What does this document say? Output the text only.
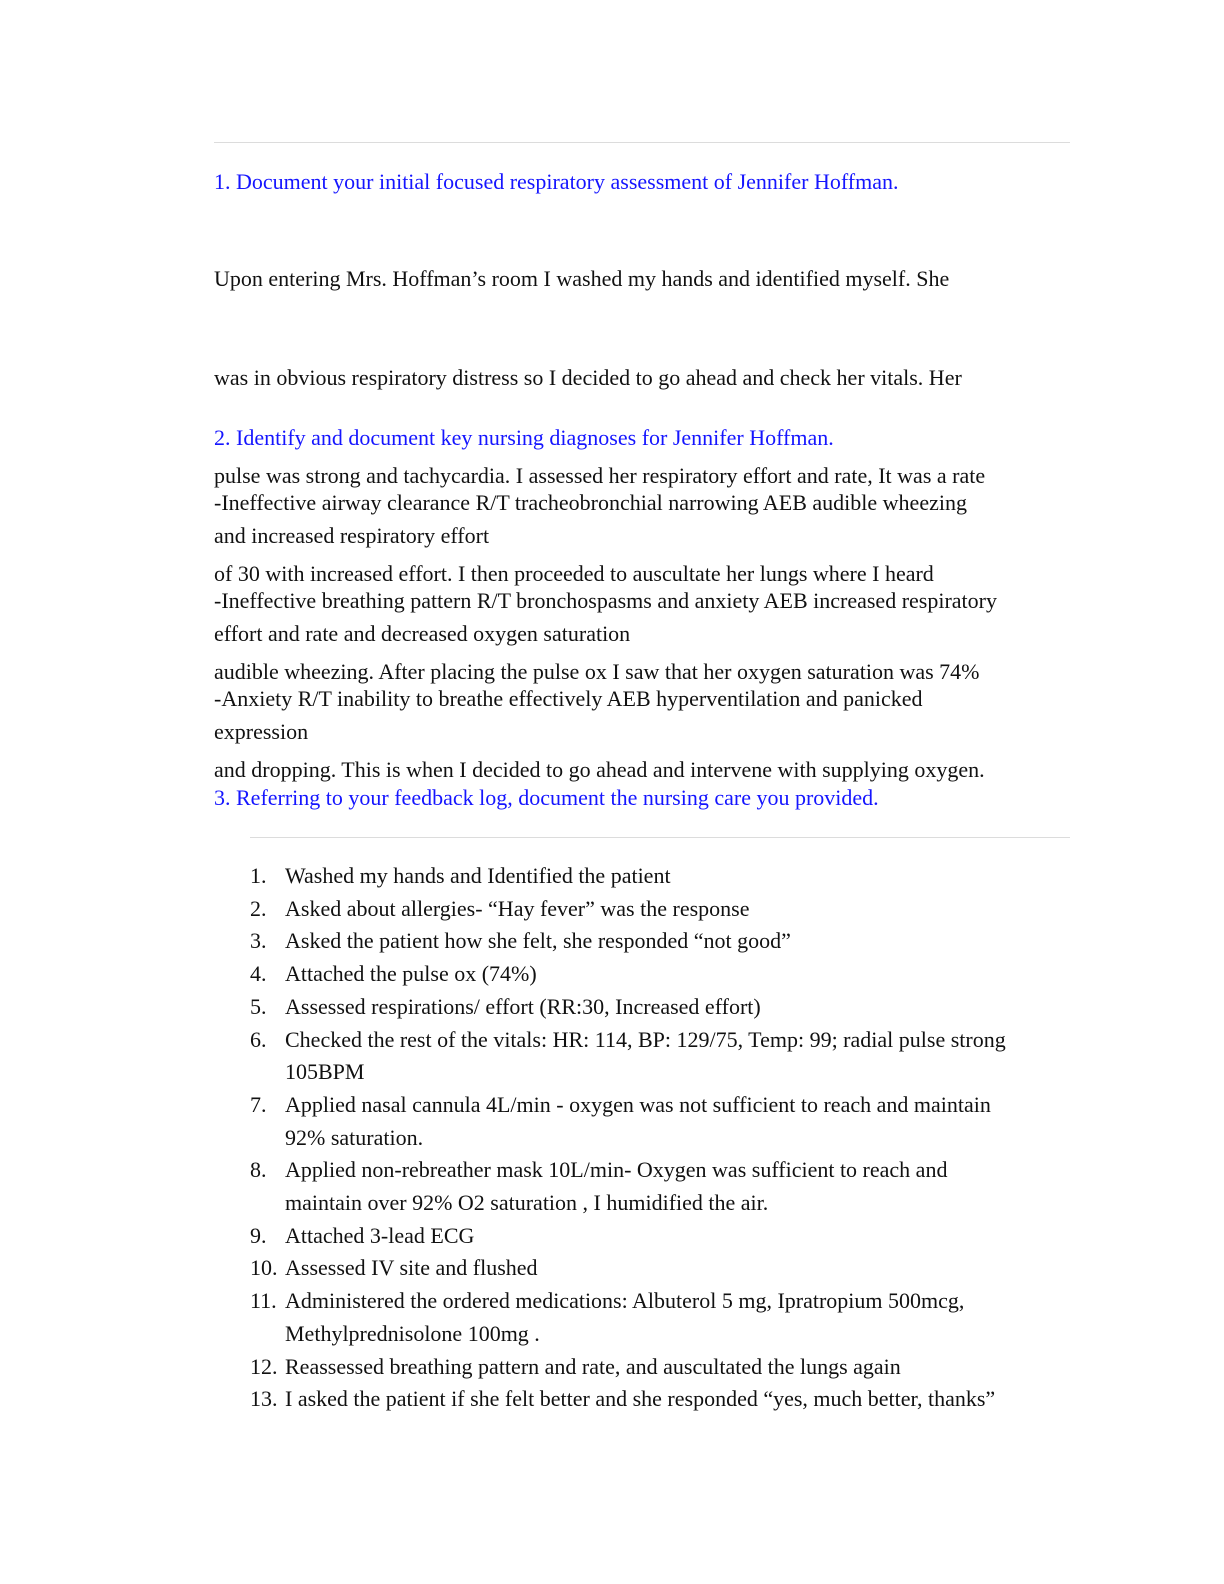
1. Document your initial focused respiratory assessment of Jennifer Hoffman.

Upon entering Mrs. Hoffman’s room I washed my hands and identified myself. She

was in obvious respiratory distress so I decided to go ahead and check her vitals. Her

pulse was strong and tachycardia. I assessed her respiratory effort and rate, It was a rate

of 30 with increased effort. I then proceeded to auscultate her lungs where I heard

audible wheezing. After placing the pulse ox I saw that her oxygen saturation was 74%

and dropping. This is when I decided to go ahead and intervene with supplying oxygen.

2. Identify and document key nursing diagnoses for Jennifer Hoffman.

-Ineffective airway clearance R/T tracheobronchial narrowing AEB audible wheezing
and increased respiratory effort

-Ineffective breathing pattern R/T bronchospasms and anxiety AEB increased respiratory
effort and rate and decreased oxygen saturation

-Anxiety R/T inability to breathe effectively AEB hyperventilation and panicked
expression

3. Referring to your feedback log, document the nursing care you provided.
1. Washed my hands and Identified the patient
2. Asked about allergies- “Hay fever” was the response
3. Asked the patient how she felt, she responded “not good”
4. Attached the pulse ox (74%)
5. Assessed respirations/ effort (RR:30, Increased effort)
6. Checked the rest of the vitals: HR: 114, BP: 129/75, Temp: 99; radial pulse strong
105BPM
7. Applied nasal cannula 4L/min - oxygen was not sufficient to reach and maintain
92% saturation.
8. Applied non-rebreather mask 10L/min- Oxygen was sufficient to reach and
maintain over 92% O2 saturation , I humidified the air.
9. Attached 3-lead ECG
10. Assessed IV site and flushed
11. Administered the ordered medications: Albuterol 5 mg, Ipratropium 500mcg,
Methylprednisolone 100mg .
12. Reassessed breathing pattern and rate, and auscultated the lungs again
13. I asked the patient if she felt better and she responded “yes, much better, thanks”
